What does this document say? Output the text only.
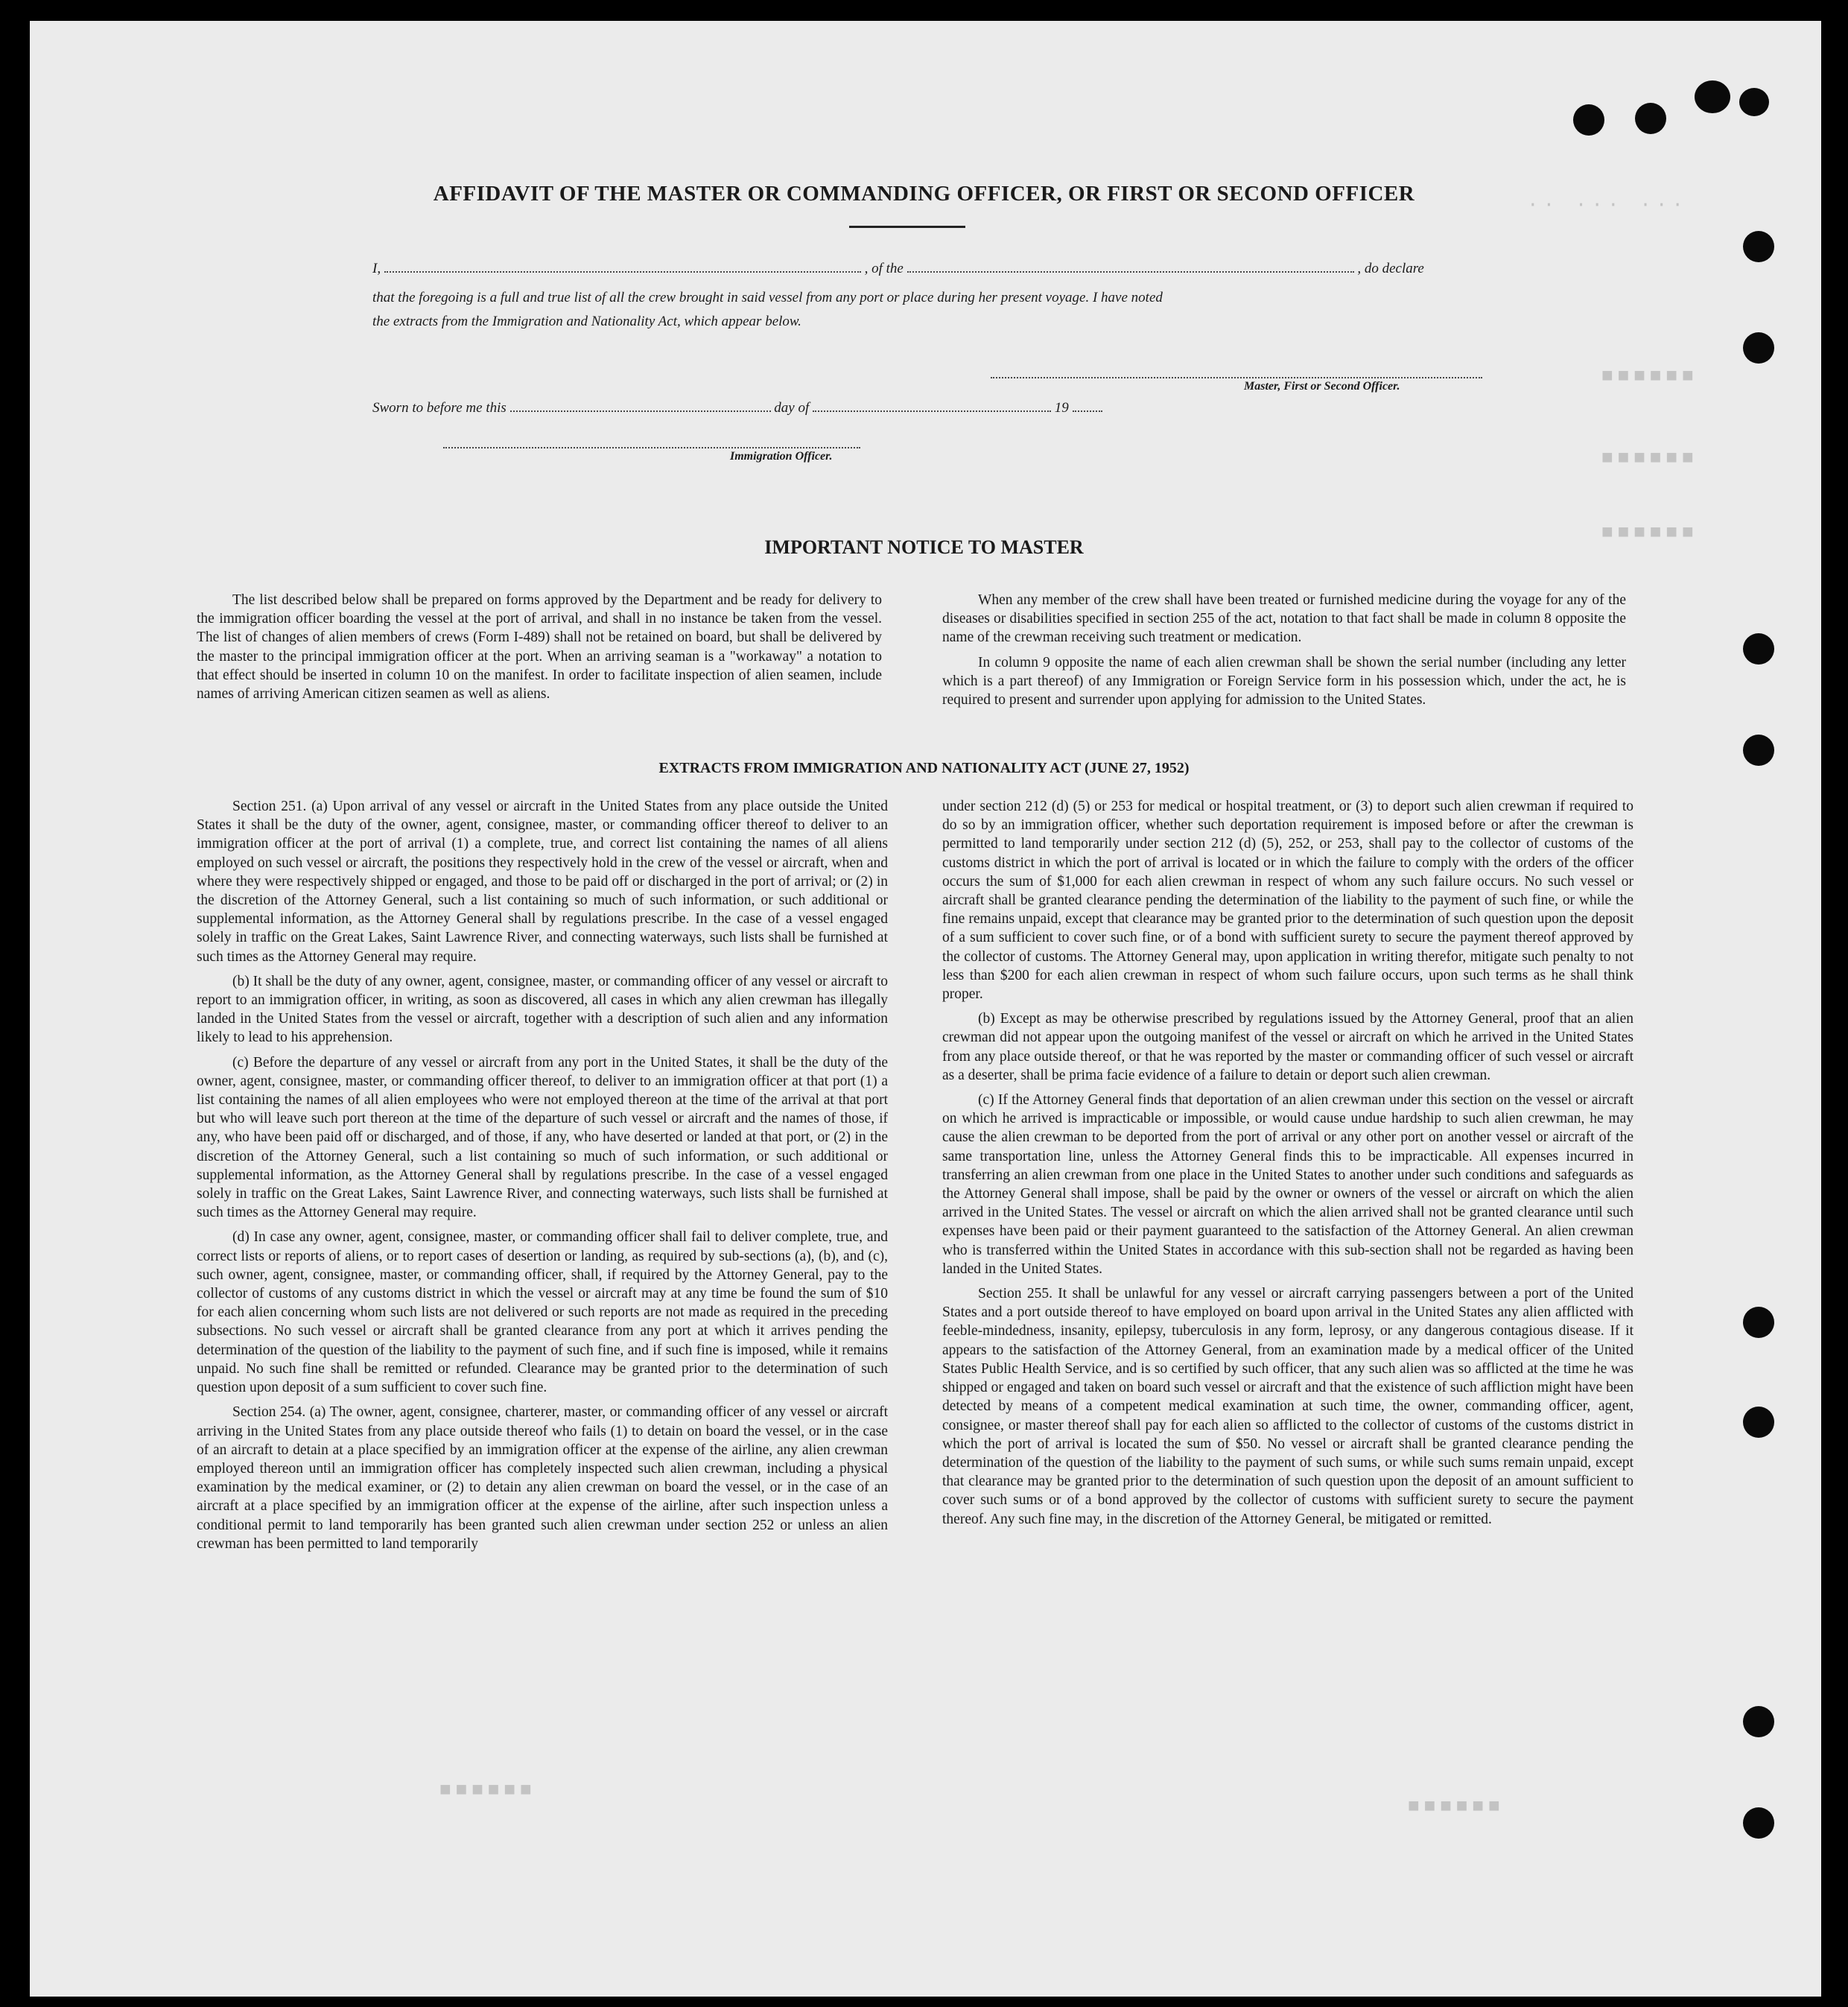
·· ··· ···
■■■■■■
■■■■■■
■■■■■■
■■■■■■
■■■■■■
AFFIDAVIT OF THE MASTER OR COMMANDING OFFICER, OR FIRST OR SECOND OFFICER
I,	, of the	, do declare
that the foregoing is a full and true list of all the crew brought in said vessel from any port or place during her present voyage. I have noted
the extracts from the Immigration and Nationality Act, which appear below.
Master, First or Second Officer.
Sworn to before me this	day of	19
Immigration Officer.
IMPORTANT NOTICE TO MASTER

The list described below shall be prepared on forms approved by the Department and be ready for delivery to the immigration officer boarding the vessel at the port of arrival, and shall in no instance be taken from the vessel. The list of changes of alien members of crews (Form I-489) shall not be retained on board, but shall be delivered by the master to the principal immigration officer at the port. When an arriving seaman is a "workaway" a notation to that effect should be inserted in column 10 on the manifest. In order to facilitate inspection of alien seamen, include names of arriving American citizen seamen as well as aliens.

When any member of the crew shall have been treated or furnished medicine during the voyage for any of the diseases or disabilities specified in section 255 of the act, notation to that fact shall be made in column 8 opposite the name of the crewman receiving such treatment or medication.

In column 9 opposite the name of each alien crewman shall be shown the serial number (including any letter which is a part thereof) of any Immigration or Foreign Service form in his possession which, under the act, he is required to present and surrender upon applying for admission to the United States.

EXTRACTS FROM IMMIGRATION AND NATIONALITY ACT (JUNE 27, 1952)

Section 251. (a) Upon arrival of any vessel or aircraft in the United States from any place outside the United States it shall be the duty of the owner, agent, consignee, master, or commanding officer thereof to deliver to an immigration officer at the port of arrival (1) a complete, true, and correct list containing the names of all aliens employed on such vessel or aircraft, the positions they respectively hold in the crew of the vessel or aircraft, when and where they were respectively shipped or engaged, and those to be paid off or discharged in the port of arrival; or (2) in the discretion of the Attorney General, such a list containing so much of such information, or such additional or supplemental information, as the Attorney General shall by regulations prescribe. In the case of a vessel engaged solely in traffic on the Great Lakes, Saint Lawrence River, and connecting waterways, such lists shall be furnished at such times as the Attorney General may require.

(b) It shall be the duty of any owner, agent, consignee, master, or commanding officer of any vessel or aircraft to report to an immigration officer, in writing, as soon as discovered, all cases in which any alien crewman has illegally landed in the United States from the vessel or aircraft, together with a description of such alien and any information likely to lead to his apprehension.

(c) Before the departure of any vessel or aircraft from any port in the United States, it shall be the duty of the owner, agent, consignee, master, or commanding officer thereof, to deliver to an immigration officer at that port (1) a list containing the names of all alien employees who were not employed thereon at the time of the arrival at that port but who will leave such port thereon at the time of the departure of such vessel or aircraft and the names of those, if any, who have been paid off or discharged, and of those, if any, who have deserted or landed at that port, or (2) in the discretion of the Attorney General, such a list containing so much of such information, or such additional or supplemental information, as the Attorney General shall by regulations prescribe. In the case of a vessel engaged solely in traffic on the Great Lakes, Saint Lawrence River, and connecting waterways, such lists shall be furnished at such times as the Attorney General may require.

(d) In case any owner, agent, consignee, master, or commanding officer shall fail to deliver complete, true, and correct lists or reports of aliens, or to report cases of desertion or landing, as required by sub-sections (a), (b), and (c), such owner, agent, consignee, master, or commanding officer, shall, if required by the Attorney General, pay to the collector of customs of any customs district in which the vessel or aircraft may at any time be found the sum of $10 for each alien concerning whom such lists are not delivered or such reports are not made as required in the preceding subsections. No such vessel or aircraft shall be granted clearance from any port at which it arrives pending the determination of the question of the liability to the payment of such fine, and if such fine is imposed, while it remains unpaid. No such fine shall be remitted or refunded. Clearance may be granted prior to the determination of such question upon deposit of a sum sufficient to cover such fine.

Section 254. (a) The owner, agent, consignee, charterer, master, or commanding officer of any vessel or aircraft arriving in the United States from any place outside thereof who fails (1) to detain on board the vessel, or in the case of an aircraft to detain at a place specified by an immigration officer at the expense of the airline, any alien crewman employed thereon until an immigration officer has completely inspected such alien crewman, including a physical examination by the medical examiner, or (2) to detain any alien crewman on board the vessel, or in the case of an aircraft at a place specified by an immigration officer at the expense of the airline, after such inspection unless a conditional permit to land temporarily has been granted such alien crewman under section 252 or unless an alien crewman has been permitted to land temporarily

under section 212 (d) (5) or 253 for medical or hospital treatment, or (3) to deport such alien crewman if required to do so by an immigration officer, whether such deportation requirement is imposed before or after the crewman is permitted to land temporarily under section 212 (d) (5), 252, or 253, shall pay to the collector of customs of the customs district in which the port of arrival is located or in which the failure to comply with the orders of the officer occurs the sum of $1,000 for each alien crewman in respect of whom any such failure occurs. No such vessel or aircraft shall be granted clearance pending the determination of the liability to the payment of such fine, or while the fine remains unpaid, except that clearance may be granted prior to the determination of such question upon the deposit of a sum sufficient to cover such fine, or of a bond with sufficient surety to secure the payment thereof approved by the collector of customs. The Attorney General may, upon application in writing therefor, mitigate such penalty to not less than $200 for each alien crewman in respect of whom such failure occurs, upon such terms as he shall think proper.

(b) Except as may be otherwise prescribed by regulations issued by the Attorney General, proof that an alien crewman did not appear upon the outgoing manifest of the vessel or aircraft on which he arrived in the United States from any place outside thereof, or that he was reported by the master or commanding officer of such vessel or aircraft as a deserter, shall be prima facie evidence of a failure to detain or deport such alien crewman.

(c) If the Attorney General finds that deportation of an alien crewman under this section on the vessel or aircraft on which he arrived is impracticable or impossible, or would cause undue hardship to such alien crewman, he may cause the alien crewman to be deported from the port of arrival or any other port on another vessel or aircraft of the same transportation line, unless the Attorney General finds this to be impracticable. All expenses incurred in transferring an alien crewman from one place in the United States to another under such conditions and safeguards as the Attorney General shall impose, shall be paid by the owner or owners of the vessel or aircraft on which the alien arrived in the United States. The vessel or aircraft on which the alien arrived shall not be granted clearance until such expenses have been paid or their payment guaranteed to the satisfaction of the Attorney General. An alien crewman who is transferred within the United States in accordance with this sub-section shall not be regarded as having been landed in the United States.

Section 255. It shall be unlawful for any vessel or aircraft carrying passengers between a port of the United States and a port outside thereof to have employed on board upon arrival in the United States any alien afflicted with feeble-mindedness, insanity, epilepsy, tuberculosis in any form, leprosy, or any dangerous contagious disease. If it appears to the satisfaction of the Attorney General, from an examination made by a medical officer of the United States Public Health Service, and is so certified by such officer, that any such alien was so afflicted at the time he was shipped or engaged and taken on board such vessel or aircraft and that the existence of such affliction might have been detected by means of a competent medical examination at such time, the owner, commanding officer, agent, consignee, or master thereof shall pay for each alien so afflicted to the collector of customs of the customs district in which the port of arrival is located the sum of $50. No vessel or aircraft shall be granted clearance pending the determination of the question of the liability to the payment of such sums, or while such sums remain unpaid, except that clearance may be granted prior to the determination of such question upon the deposit of an amount sufficient to cover such sums or of a bond approved by the collector of customs with sufficient surety to secure the payment thereof. Any such fine may, in the discretion of the Attorney General, be mitigated or remitted.
